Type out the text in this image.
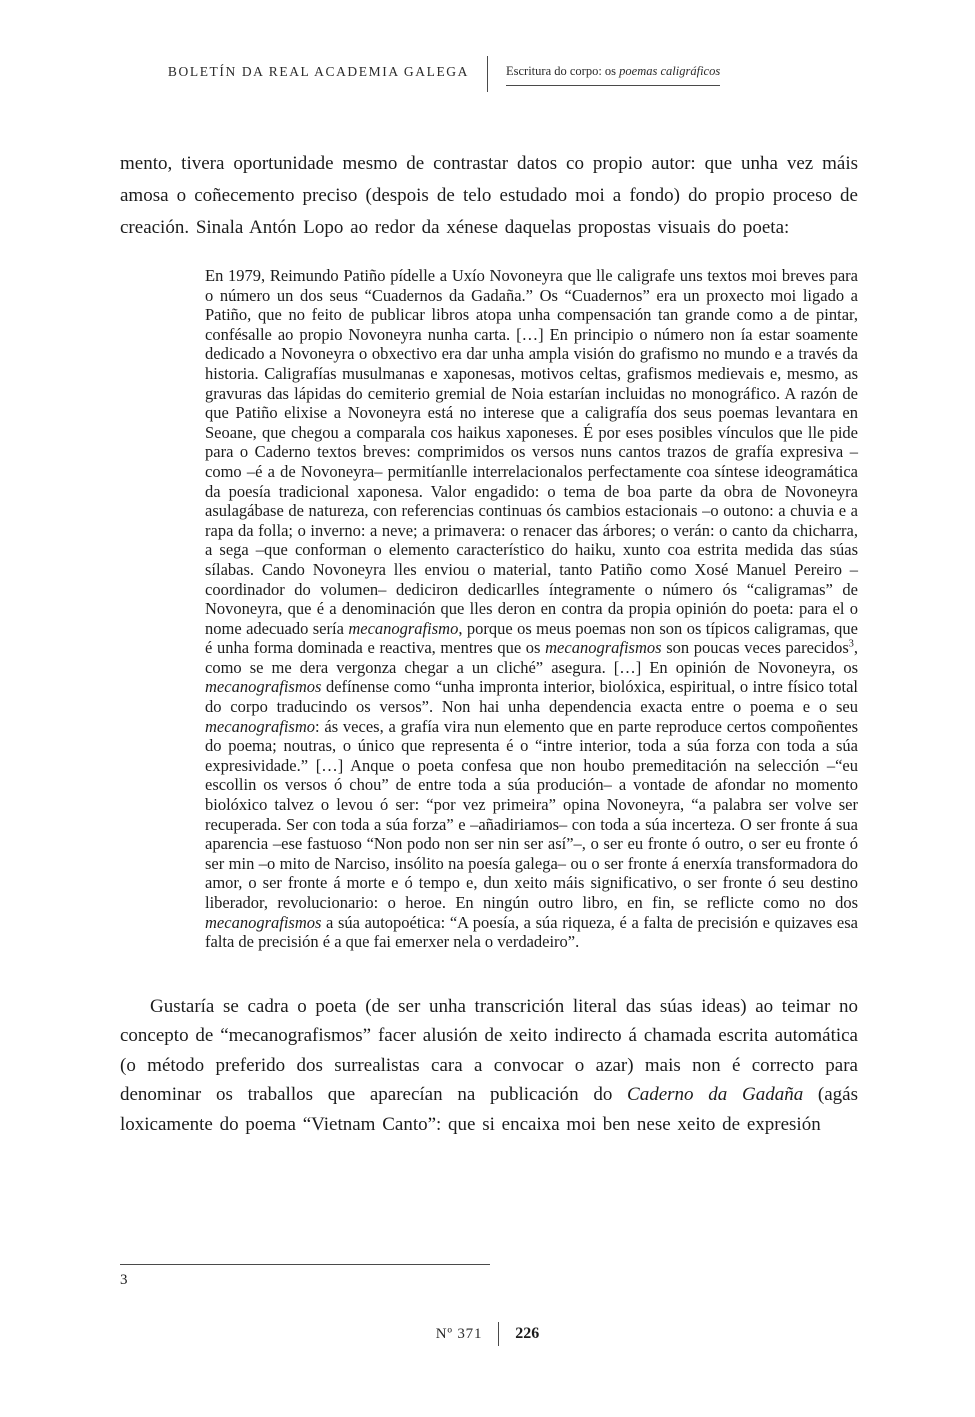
BOLETÍN DA REAL ACADEMIA GALEGA	Escritura do corpo: os poemas caligráficos

mento, tivera oportunidade mesmo de contrastar datos co propio autor: que unha vez máis amosa o coñecemento preciso (despois de telo estudado moi a fondo) do propio proceso de creación. Sinala Antón Lopo ao redor da xénese daquelas propostas visuais do poeta:

En 1979, Reimundo Patiño pídelle a Uxío Novoneyra que lle caligrafe uns textos moi breves para o número un dos seus “Cuadernos da Gadaña.” Os “Cuadernos” era un proxecto moi ligado a Patiño, que no feito de publicar libros atopa unha compensación tan grande como a de pintar, confésalle ao propio Novoneyra nunha carta. […] En principio o número non ía estar soamente dedicado a Novoneyra o obxectivo era dar unha ampla visión do grafismo no mundo e a través da historia. Caligrafías musulmanas e xaponesas, motivos celtas, grafismos medievais e, mesmo, as gravuras das lápidas do cemiterio gremial de Noia estarían incluidas no monográfico. A razón de que Patiño elixise a Novoneyra está no interese que a caligrafía dos seus poemas levantara en Seoane, que chegou a comparala cos haikus xaponeses. É por eses posibles vínculos que lle pide para o Caderno textos breves: comprimidos os versos nuns cantos trazos de grafía expresiva –como –é a de Novoneyra– permitíanlle interrelacionalos perfectamente coa síntese ideogramática da poesía tradicional xaponesa. Valor engadido: o tema de boa parte da obra de Novoneyra asulagábase de natureza, con referencias continuas ós cambios estacionais –o outono: a chuvia e a rapa da folla; o inverno: a neve; a primavera: o renacer das árbores; o verán: o canto da chicharra, a sega –que conforman o elemento característico do haiku, xunto coa estrita medida das súas sílabas. Cando Novoneyra lles enviou o material, tanto Patiño como Xosé Manuel Pereiro –coordinador do volumen– dediciron dedicarlles íntegramente o número ós “caligramas” de Novoneyra, que é a denominación que lles deron en contra da propia opinión do poeta: para el o nome adecuado sería mecanografismo, porque os meus poemas non son os típicos caligramas, que é unha forma dominada e reactiva, mentres que os mecanografismos son poucas veces parecidos$^3$, como se me dera vergonza chegar a un cliché” asegura. […] En opinión de Novoneyra, os mecanografismos defínense como “unha impronta interior, biolóxica, espiritual, o intre físico total do corpo traducindo os versos”. Non hai unha dependencia exacta entre o poema e o seu mecanografismo: ás veces, a grafía vira nun elemento que en parte reproduce certos compoñentes do poema; noutras, o único que representa é o “intre interior, toda a súa forza con toda a súa expresividade.” […] Anque o poeta confesa que non houbo premeditación na selección –“eu escollin os versos ó chou” de entre toda a súa produción– a vontade de afondar no momento biolóxico talvez o levou ó ser: “por vez primeira” opina Novoneyra, “a palabra ser volve ser recuperada. Ser con toda a súa forza” e –añadiriamos– con toda a súa incerteza. O ser fronte á sua aparencia –ese fastuoso “Non podo non ser nin ser así”–, o ser eu fronte ó outro, o ser eu fronte ó ser min –o mito de Narciso, insólito na poesía galega– ou o ser fronte á enerxía transformadora do amor, o ser fronte á morte e ó tempo e, dun xeito máis significativo, o ser fronte ó seu destino liberador, revolucionario: o heroe. En ningún outro libro, en fin, se reflicte como no dos mecanografismos a súa autopoética: “A poesía, a súa riqueza, é a falta de precisión e quizaves esa falta de precisión é a que fai emerxer nela o verdadeiro”.

Gustaría se cadra o poeta (de ser unha transcrición literal das súas ideas) ao teimar no concepto de “mecanografismos” facer alusión de xeito indirecto á chamada escrita automática (o método preferido dos surrealistas cara a convocar o azar) mais non é correcto para denominar os traballos que aparecían na publicación do Caderno da Gadaña (agás loxicamente do poema “Vietnam Canto”: que si encaixa moi ben nese xeito de expresión

3
Nº 371	226
